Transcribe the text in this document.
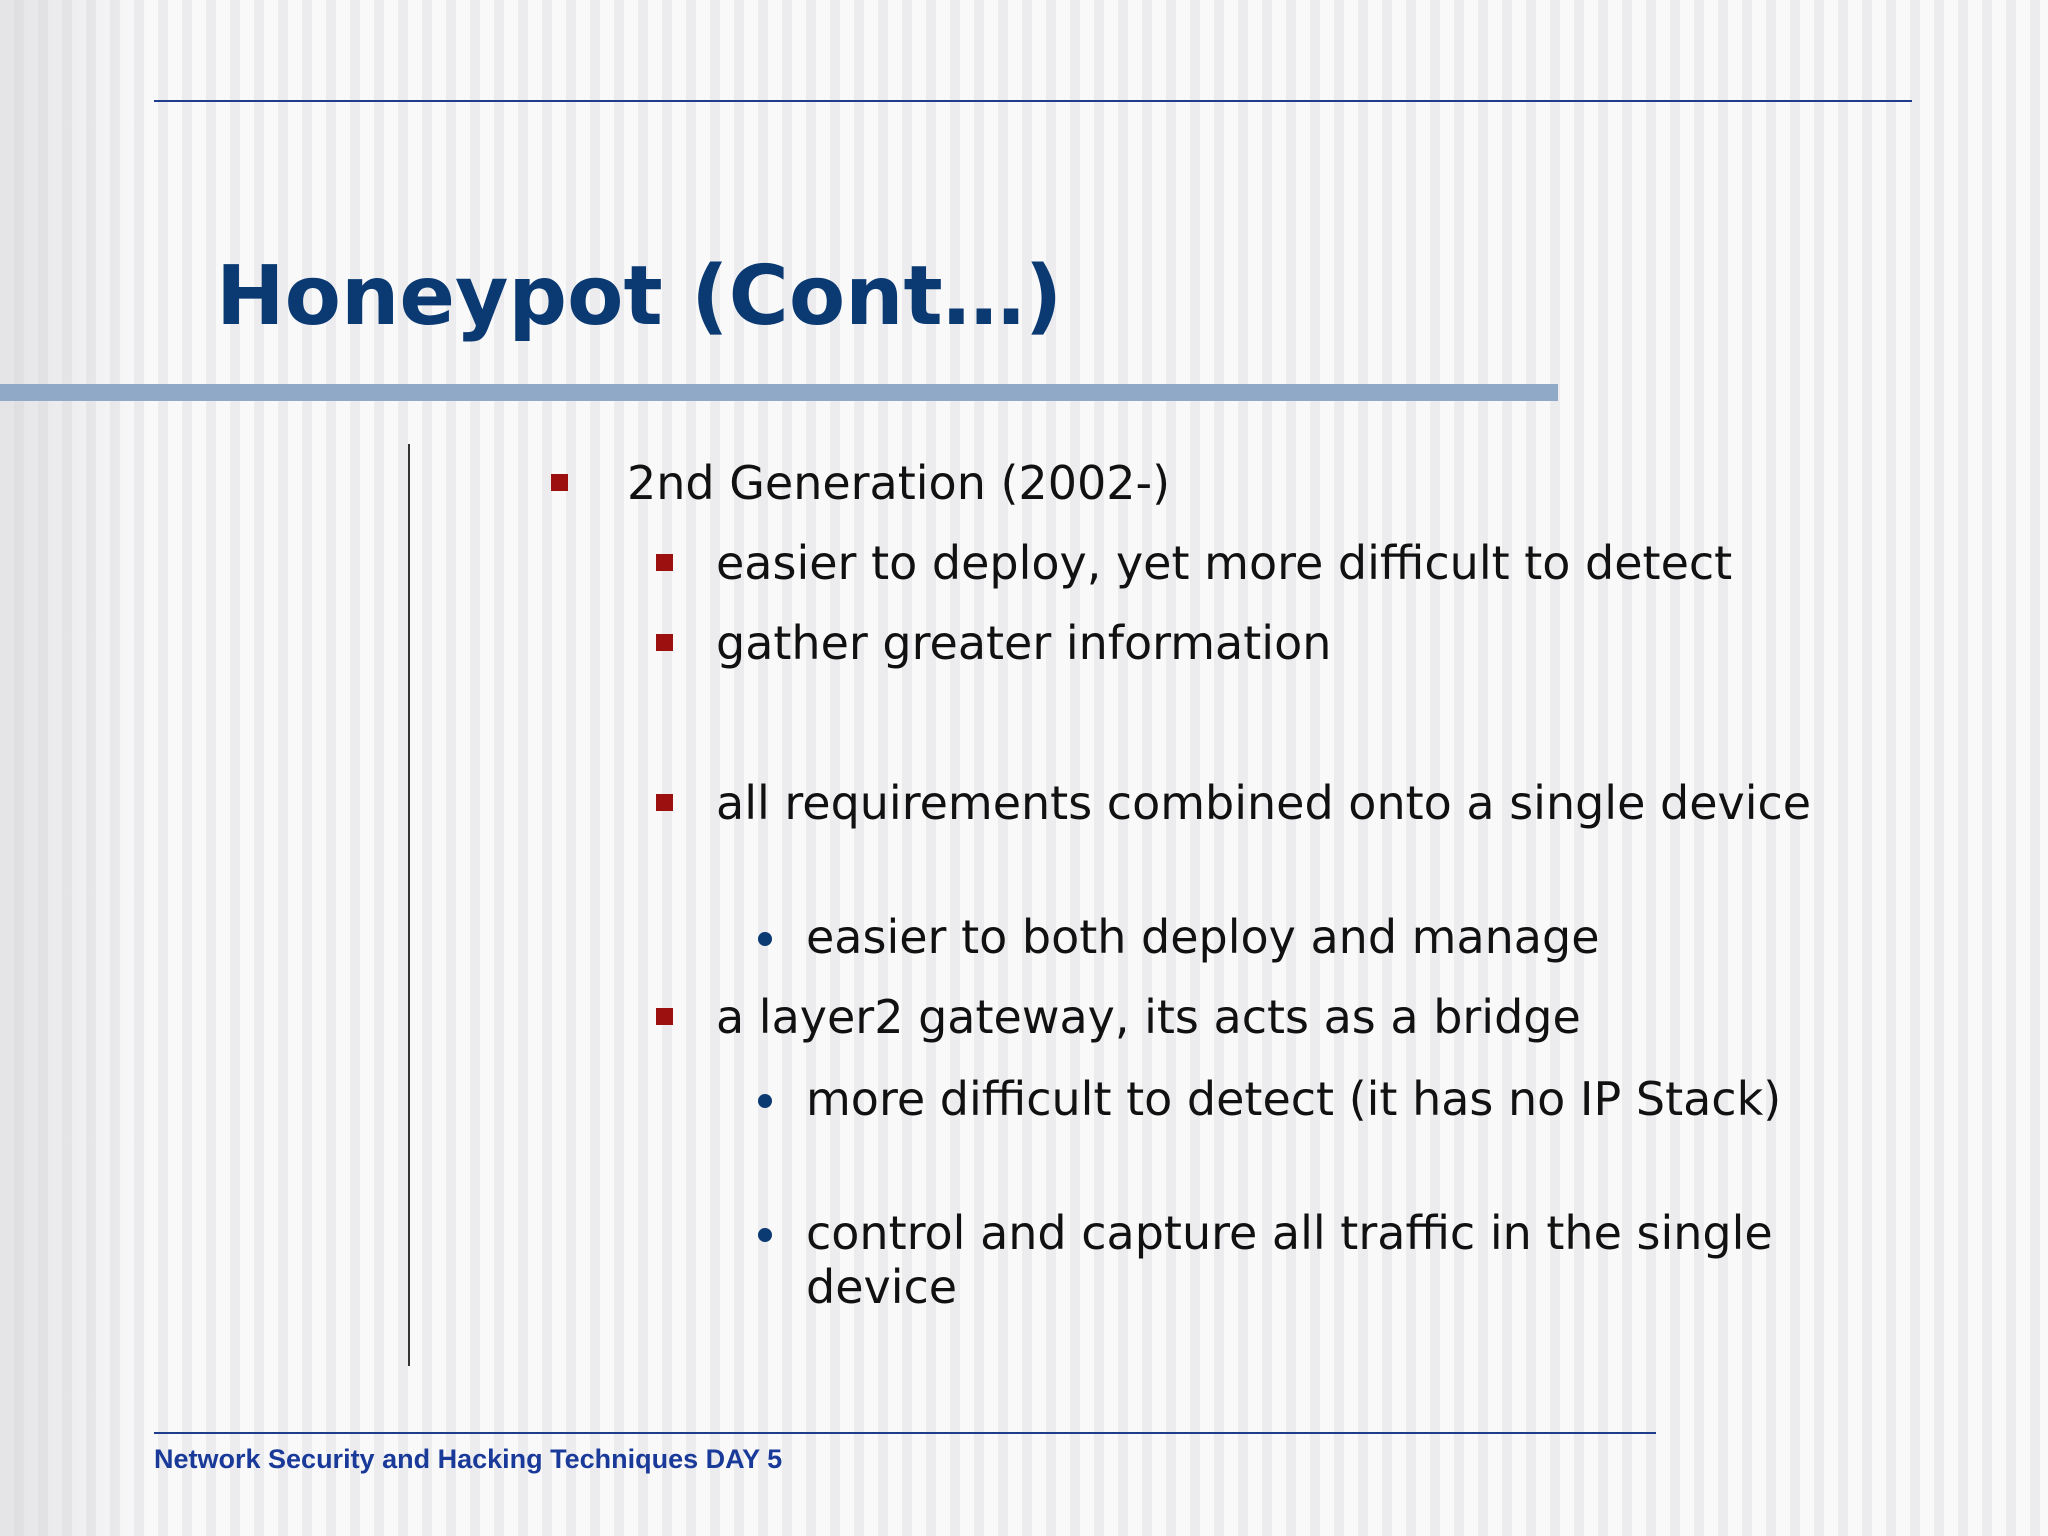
Honeypot (Cont…)
2nd Generation (2002-)
easier to deploy, yet more difficult to detect
gather greater information
all requirements combined onto a single device
easier to both deploy and manage
a layer2 gateway, its acts as a bridge
more difficult to detect (it has no IP Stack)
control and capture all traffic in the single device
Network Security and Hacking Techniques DAY 5
